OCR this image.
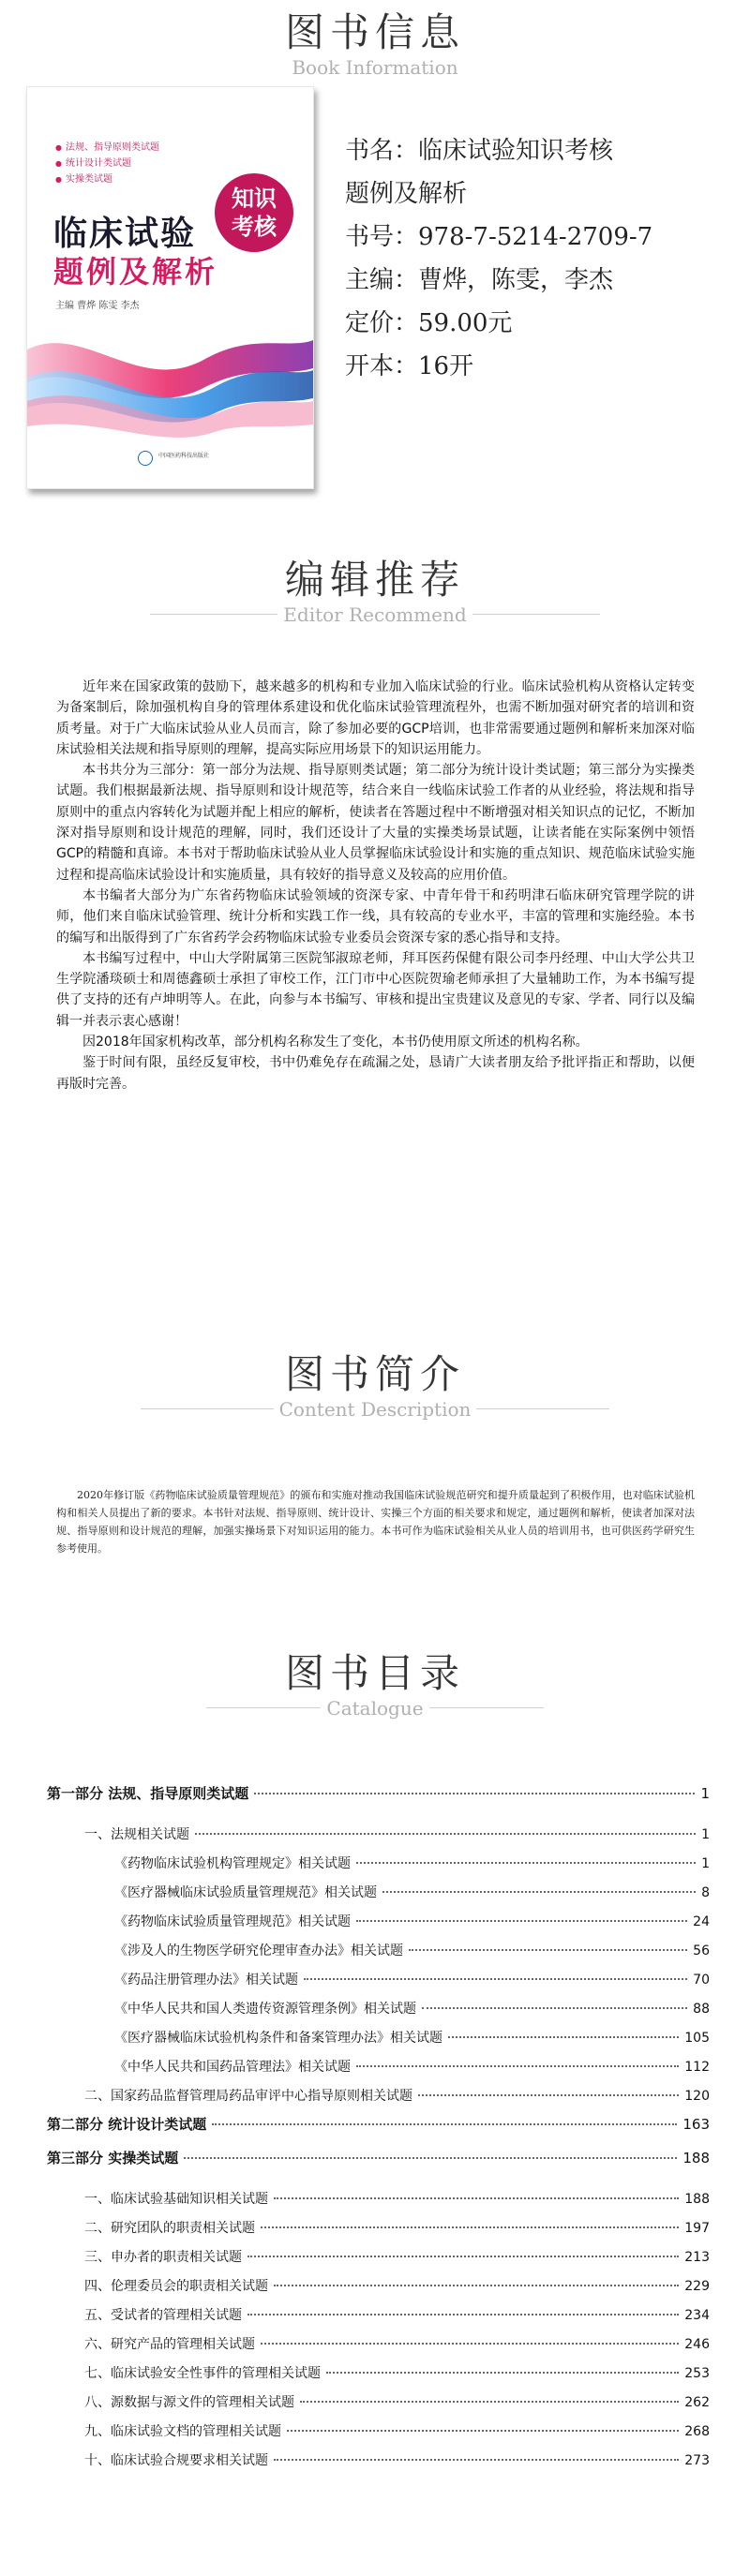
图书信息
Book Information
● 法规、指导原则类试题
● 统计设计类试题
● 实操类试题
知识
考核
临床试验
题例及解析
主编 曹烨 陈雯 李杰
中国医药科技出版社
书名：临床试验知识考核
题例及解析
书号：978-7-5214-2709-7
主编：曹烨，陈雯，李杰
定价：59.00元
开本：16开
编辑推荐
Editor Recommend

近年来在国家政策的鼓励下，越来越多的机构和专业加入临床试验的行业。临床试验机构从资格认定转变为备案制后，除加强机构自身的管理体系建设和优化临床试验管理流程外，也需不断加强对研究者的培训和资质考量。对于广大临床试验从业人员而言，除了参加必要的GCP培训，也非常需要通过题例和解析来加深对临床试验相关法规和指导原则的理解，提高实际应用场景下的知识运用能力。

本书共分为三部分：第一部分为法规、指导原则类试题；第二部分为统计设计类试题；第三部分为实操类试题。我们根据最新法规、指导原则和设计规范等，结合来自一线临床试验工作者的从业经验，将法规和指导原则中的重点内容转化为试题并配上相应的解析，使读者在答题过程中不断增强对相关知识点的记忆，不断加深对指导原则和设计规范的理解，同时，我们还设计了大量的实操类场景试题，让读者能在实际案例中领悟GCP的精髓和真谛。本书对于帮助临床试验从业人员掌握临床试验设计和实施的重点知识、规范临床试验实施过程和提高临床试验设计和实施质量，具有较好的指导意义及较高的应用价值。

本书编者大部分为广东省药物临床试验领域的资深专家、中青年骨干和药明津石临床研究管理学院的讲师，他们来自临床试验管理、统计分析和实践工作一线，具有较高的专业水平，丰富的管理和实施经验。本书的编写和出版得到了广东省药学会药物临床试验专业委员会资深专家的悉心指导和支持。

本书编写过程中，中山大学附属第三医院邹淑琼老师，拜耳医药保健有限公司李丹经理、中山大学公共卫生学院潘琰硕士和周德鑫硕士承担了审校工作，江门市中心医院贺瑜老师承担了大量辅助工作，为本书编写提供了支持的还有卢坤明等人。在此，向参与本书编写、审核和提出宝贵建议及意见的专家、学者、同行以及编辑一并表示衷心感谢！

因2018年国家机构改革，部分机构名称发生了变化，本书仍使用原文所述的机构名称。

鉴于时间有限，虽经反复审校，书中仍难免存在疏漏之处，恳请广大读者朋友给予批评指正和帮助，以便再版时完善。

图书简介
Content Description

2020年修订版《药物临床试验质量管理规范》的颁布和实施对推动我国临床试验规范研究和提升质量起到了积极作用，也对临床试验机构和相关人员提出了新的要求。本书针对法规、指导原则、统计设计、实操三个方面的相关要求和规定，通过题例和解析，使读者加深对法规、指导原则和设计规范的理解，加强实操场景下对知识运用的能力。本书可作为临床试验相关从业人员的培训用书，也可供医药学研究生参考使用。

图书目录
Catalogue
第一部分 法规、指导原则类试题	1
一、法规相关试题	1
《药物临床试验机构管理规定》相关试题	1
《医疗器械临床试验质量管理规范》相关试题	8
《药物临床试验质量管理规范》相关试题	24
《涉及人的生物医学研究伦理审查办法》相关试题	56
《药品注册管理办法》相关试题	70
《中华人民共和国人类遗传资源管理条例》相关试题	88
《医疗器械临床试验机构条件和备案管理办法》相关试题	105
《中华人民共和国药品管理法》相关试题	112
二、国家药品监督管理局药品审评中心指导原则相关试题	120
第二部分 统计设计类试题	163
第三部分 实操类试题	188
一、临床试验基础知识相关试题	188
二、研究团队的职责相关试题	197
三、申办者的职责相关试题	213
四、伦理委员会的职责相关试题	229
五、受试者的管理相关试题	234
六、研究产品的管理相关试题	246
七、临床试验安全性事件的管理相关试题	253
八、源数据与源文件的管理相关试题	262
九、临床试验文档的管理相关试题	268
十、临床试验合规要求相关试题	273
